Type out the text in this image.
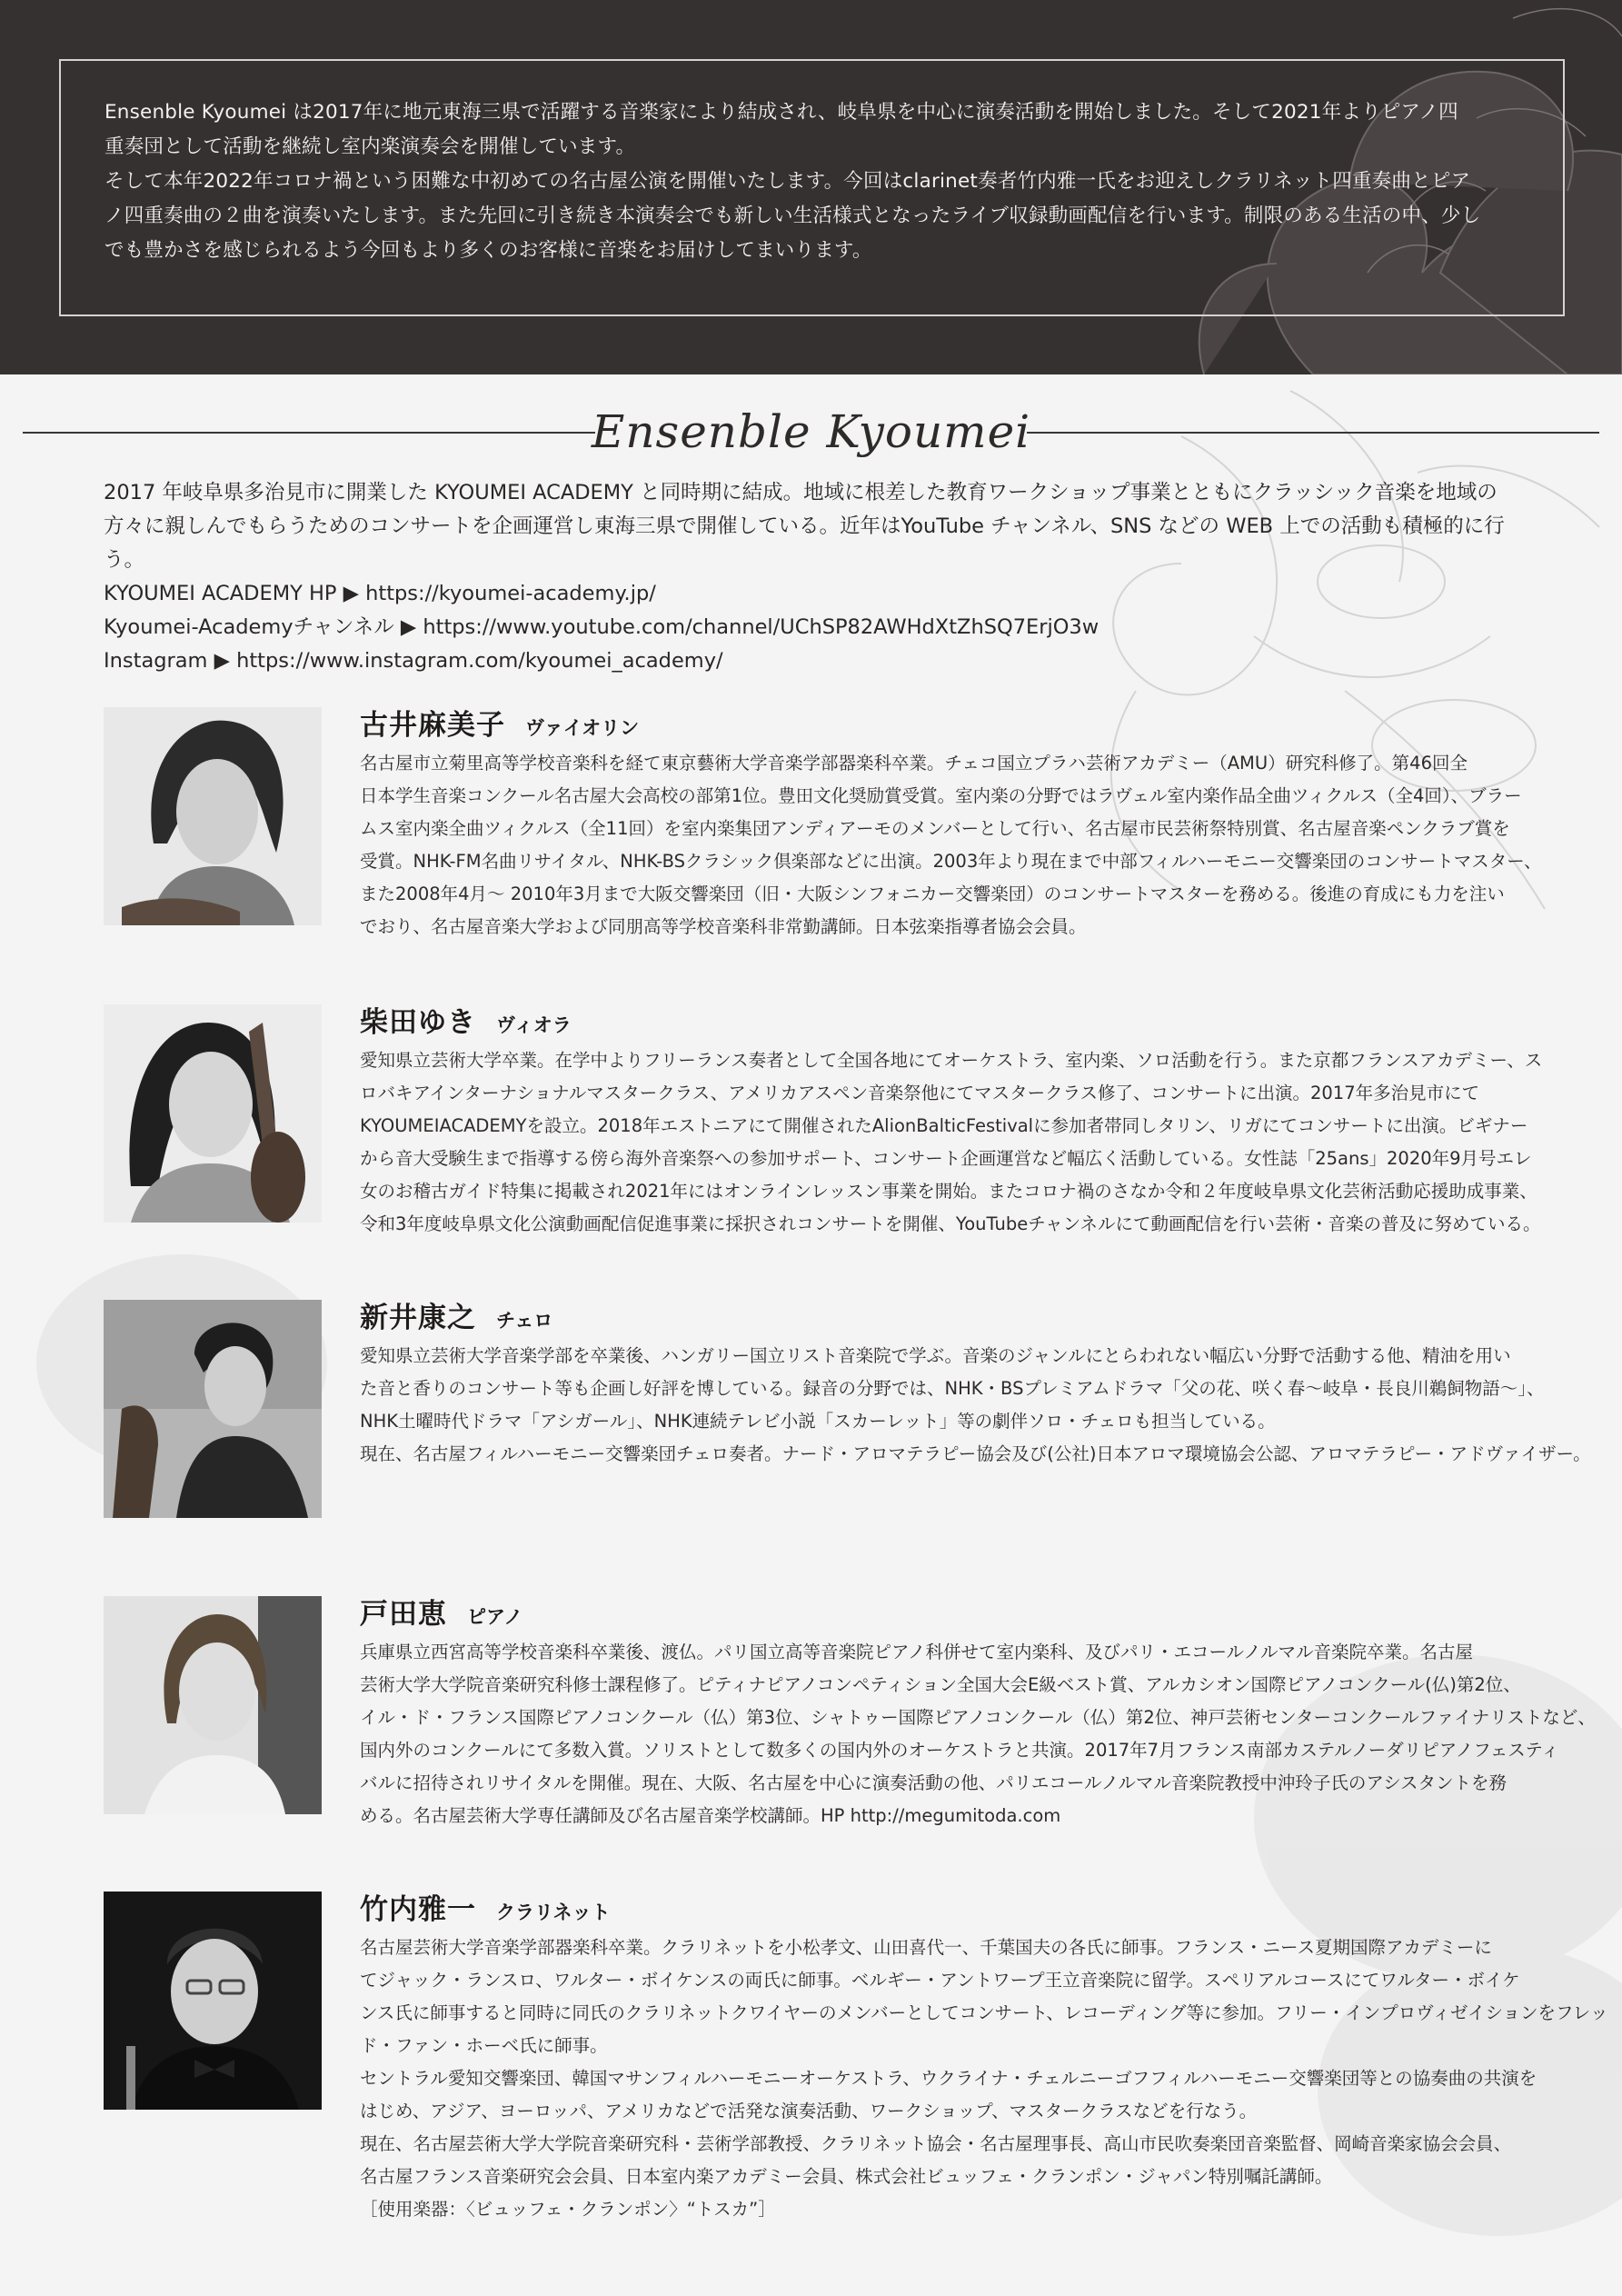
Ensenble Kyoumei は2017年に地元東海三県で活躍する音楽家により結成され、岐阜県を中心に演奏活動を開始しました。そして2021年よりピアノ四

重奏団として活動を継続し室内楽演奏会を開催しています。

そして本年2022年コロナ禍という困難な中初めての名古屋公演を開催いたします。今回はclarinet奏者竹内雅一氏をお迎えしクラリネット四重奏曲とピア

ノ四重奏曲の２曲を演奏いたします。また先回に引き続き本演奏会でも新しい生活様式となったライブ収録動画配信を行います。制限のある生活の中、少し

でも豊かさを感じられるよう今回もより多くのお客様に音楽をお届けしてまいります。

Ensenble Kyoumei

2017 年岐阜県多治見市に開業した KYOUMEI ACADEMY と同時期に結成。地域に根差した教育ワークショップ事業とともにクラッシック音楽を地域の

方々に親しんでもらうためのコンサートを企画運営し東海三県で開催している。近年はYouTube チャンネル、SNS などの WEB 上での活動も積極的に行う。

KYOUMEI ACADEMY HP ▶ https://kyoumei-academy.jp/

Kyoumei-Academyチャンネル ▶ https://www.youtube.com/channel/UChSP82AWHdXtZhSQ7ErjO3w

Instagram ▶ https://www.instagram.com/kyoumei_academy/

古井麻美子 ヴァイオリン

名古屋市立菊里高等学校音楽科を経て東京藝術大学音楽学部器楽科卒業。チェコ国立プラハ芸術アカデミー（AMU）研究科修了。第46回全

日本学生音楽コンクール名古屋大会高校の部第1位。豊田文化奨励賞受賞。室内楽の分野ではラヴェル室内楽作品全曲ツィクルス（全4回）、ブラー

ムス室内楽全曲ツィクルス（全11回）を室内楽集団アンディアーモのメンバーとして行い、名古屋市民芸術祭特別賞、名古屋音楽ペンクラブ賞を

受賞。NHK-FM名曲リサイタル、NHK-BSクラシック倶楽部などに出演。2003年より現在まで中部フィルハーモニー交響楽団のコンサートマスター、

また2008年4月～ 2010年3月まで大阪交響楽団（旧・大阪シンフォニカー交響楽団）のコンサートマスターを務める。後進の育成にも力を注い

でおり、名古屋音楽大学および同朋高等学校音楽科非常勤講師。日本弦楽指導者協会会員。

柴田ゆき ヴィオラ

愛知県立芸術大学卒業。在学中よりフリーランス奏者として全国各地にてオーケストラ、室内楽、ソロ活動を行う。また京都フランスアカデミー、ス

ロバキアインターナショナルマスタークラス、アメリカアスペン音楽祭他にてマスタークラス修了、コンサートに出演。2017年多治見市にて

KYOUMEIACADEMYを設立。2018年エストニアにて開催されたAlionBalticFestivalに参加者帯同しタリン、リガにてコンサートに出演。ビギナー

から音大受験生まで指導する傍ら海外音楽祭への参加サポート、コンサート企画運営など幅広く活動している。女性誌「25ans」2020年9月号エレ

女のお稽古ガイド特集に掲載され2021年にはオンラインレッスン事業を開始。またコロナ禍のさなか令和２年度岐阜県文化芸術活動応援助成事業、

令和3年度岐阜県文化公演動画配信促進事業に採択されコンサートを開催、YouTubeチャンネルにて動画配信を行い芸術・音楽の普及に努めている。

新井康之 チェロ

愛知県立芸術大学音楽学部を卒業後、ハンガリー国立リスト音楽院で学ぶ。音楽のジャンルにとらわれない幅広い分野で活動する他、精油を用い

た音と香りのコンサート等も企画し好評を博している。録音の分野では、NHK・BSプレミアムドラマ「父の花、咲く春～岐阜・長良川鵜飼物語～」、

NHK土曜時代ドラマ「アシガール」、NHK連続テレビ小説「スカーレット」等の劇伴ソロ・チェロも担当している。

現在、名古屋フィルハーモニー交響楽団チェロ奏者。ナード・アロマテラピー協会及び(公社)日本アロマ環境協会公認、アロマテラピー・アドヴァイザー。

戸田恵 ピアノ

兵庫県立西宮高等学校音楽科卒業後、渡仏。パリ国立高等音楽院ピアノ科併せて室内楽科、及びパリ・エコールノルマル音楽院卒業。名古屋

芸術大学大学院音楽研究科修士課程修了。ピティナピアノコンペティション全国大会E級ベスト賞、アルカシオン国際ピアノコンクール(仏)第2位、

イル・ド・フランス国際ピアノコンクール（仏）第3位、シャトゥー国際ピアノコンクール（仏）第2位、神戸芸術センターコンクールファイナリストなど、

国内外のコンクールにて多数入賞。ソリストとして数多くの国内外のオーケストラと共演。2017年7月フランス南部カステルノーダリピアノフェスティ

バルに招待されリサイタルを開催。現在、大阪、名古屋を中心に演奏活動の他、パリエコールノルマル音楽院教授中沖玲子氏のアシスタントを務

める。名古屋芸術大学専任講師及び名古屋音楽学校講師。HP http://megumitoda.com

竹内雅一 クラリネット

名古屋芸術大学音楽学部器楽科卒業。クラリネットを小松孝文、山田喜代一、千葉国夫の各氏に師事。フランス・ニース夏期国際アカデミーに

てジャック・ランスロ、ワルター・ボイケンスの両氏に師事。ベルギー・アントワープ王立音楽院に留学。スペリアルコースにてワルター・ボイケ

ンス氏に師事すると同時に同氏のクラリネットクワイヤーのメンバーとしてコンサート、レコーディング等に参加。フリー・インプロヴィゼイションをフレッ

ド・ファン・ホーベ氏に師事。

セントラル愛知交響楽団、韓国マサンフィルハーモニーオーケストラ、ウクライナ・チェルニーゴフフィルハーモニー交響楽団等との協奏曲の共演を

はじめ、アジア、ヨーロッパ、アメリカなどで活発な演奏活動、ワークショップ、マスタークラスなどを行なう。

現在、名古屋芸術大学大学院音楽研究科・芸術学部教授、クラリネット協会・名古屋理事長、高山市民吹奏楽団音楽監督、岡崎音楽家協会会員、

名古屋フランス音楽研究会会員、日本室内楽アカデミー会員、株式会社ビュッフェ・クランポン・ジャパン特別嘱託講師。

［使用楽器：〈ビュッフェ・クランポン〉“トスカ”］
